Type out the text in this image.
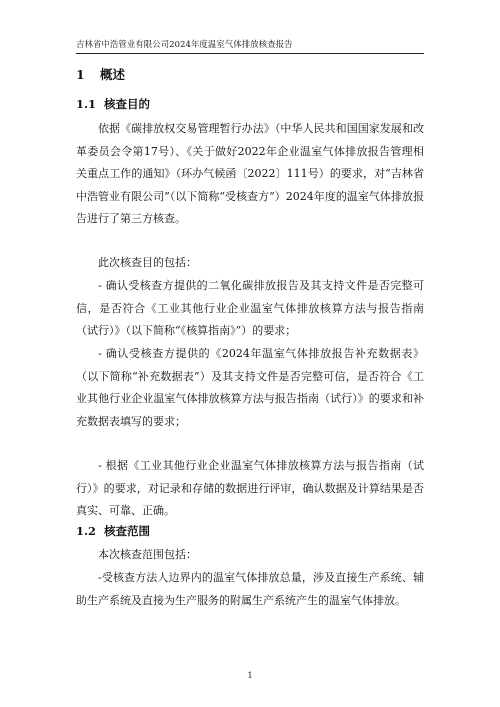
吉林省中浩管业有限公司2024年度温室气体排放核查报告
1 概述
1.1 核查目的

依据《碳排放权交易管理暂行办法》（中华人民共和国国家发展和改革委员会令第17号）、《关于做好2022年企业温室气体排放报告管理相关重点工作的通知》（环办气候函〔2022〕111号）的要求，对“吉林省中浩管业有限公司”（以下简称“受核查方”）2024年度的温室气体排放报告进行了第三方核查。

此次核查目的包括：

- 确认受核查方提供的二氧化碳排放报告及其支持文件是否完整可信，是否符合《工业其他行业企业温室气体排放核算方法与报告指南（试行）》（以下简称“《核算指南》”）的要求；

- 确认受核查方提供的《2024年温室气体排放报告补充数据表》（以下简称“补充数据表”）及其支持文件是否完整可信，是否符合《工业其他行业企业温室气体排放核算方法与报告指南（试行）》的要求和补充数据表填写的要求；

- 根据《工业其他行业企业温室气体排放核算方法与报告指南（试行）》的要求，对记录和存储的数据进行评审，确认数据及计算结果是否真实、可靠、正确。

1.2 核查范围

本次核查范围包括：

-受核查方法人边界内的温室气体排放总量，涉及直接生产系统、辅助生产系统及直接为生产服务的附属生产系统产生的温室气体排放。

1
